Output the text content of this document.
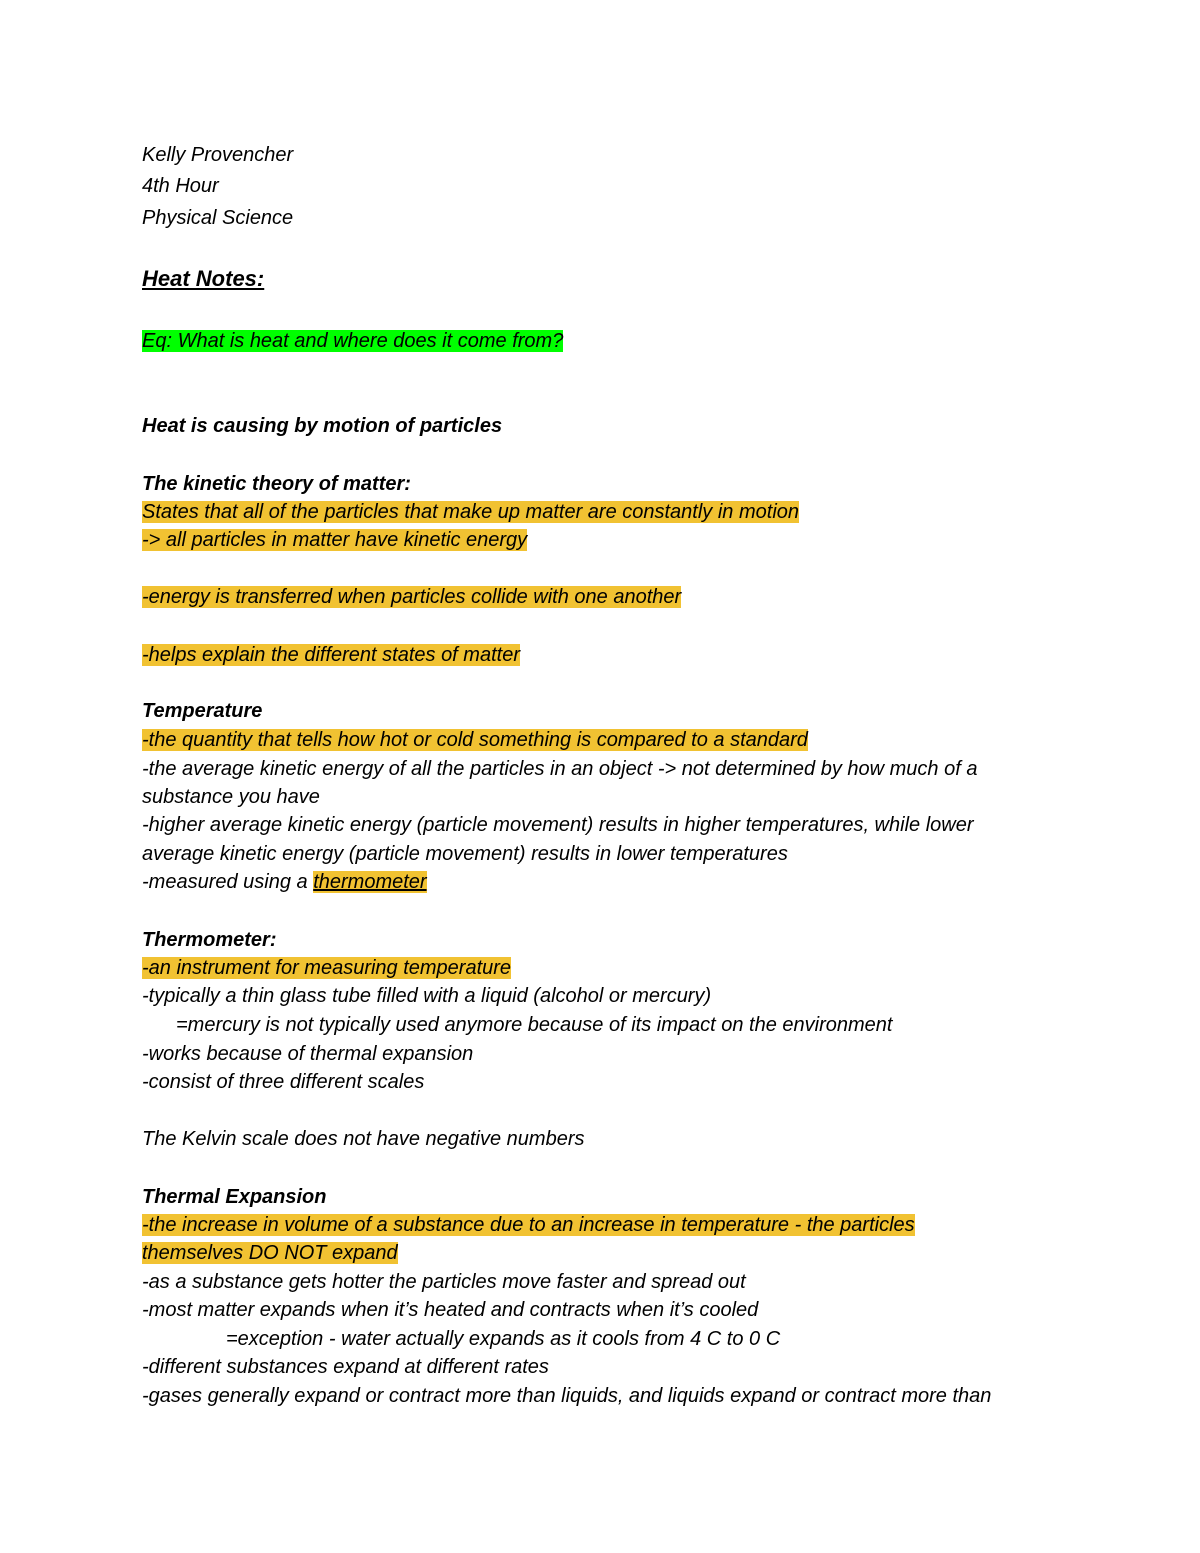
Kelly Provencher

4th Hour

Physical Science

Heat Notes:

Eq: What is heat and where does it come from?

Heat is causing by motion of particles

The kinetic theory of matter:

States that all of the particles that make up matter are constantly in motion

-> all particles in matter have kinetic energy

-energy is transferred when particles collide with one another

-helps explain the different states of matter

Temperature

-the quantity that tells how hot or cold something is compared to a standard

-the average kinetic energy of all the particles in an object -> not determined by how much of a

substance you have

-higher average kinetic energy (particle movement) results in higher temperatures, while lower

average kinetic energy (particle movement) results in lower temperatures

-measured using a thermometer

Thermometer:

-an instrument for measuring temperature

-typically a thin glass tube filled with a liquid (alcohol or mercury)

=mercury is not typically used anymore because of its impact on the environment

-works because of thermal expansion

-consist of three different scales

The Kelvin scale does not have negative numbers

Thermal Expansion

-the increase in volume of a substance due to an increase in temperature - the particles

themselves DO NOT expand

-as a substance gets hotter the particles move faster and spread out

-most matter expands when it’s heated and contracts when it’s cooled

=exception - water actually expands as it cools from 4 C to 0 C

-different substances expand at different rates

-gases generally expand or contract more than liquids, and liquids expand or contract more than
